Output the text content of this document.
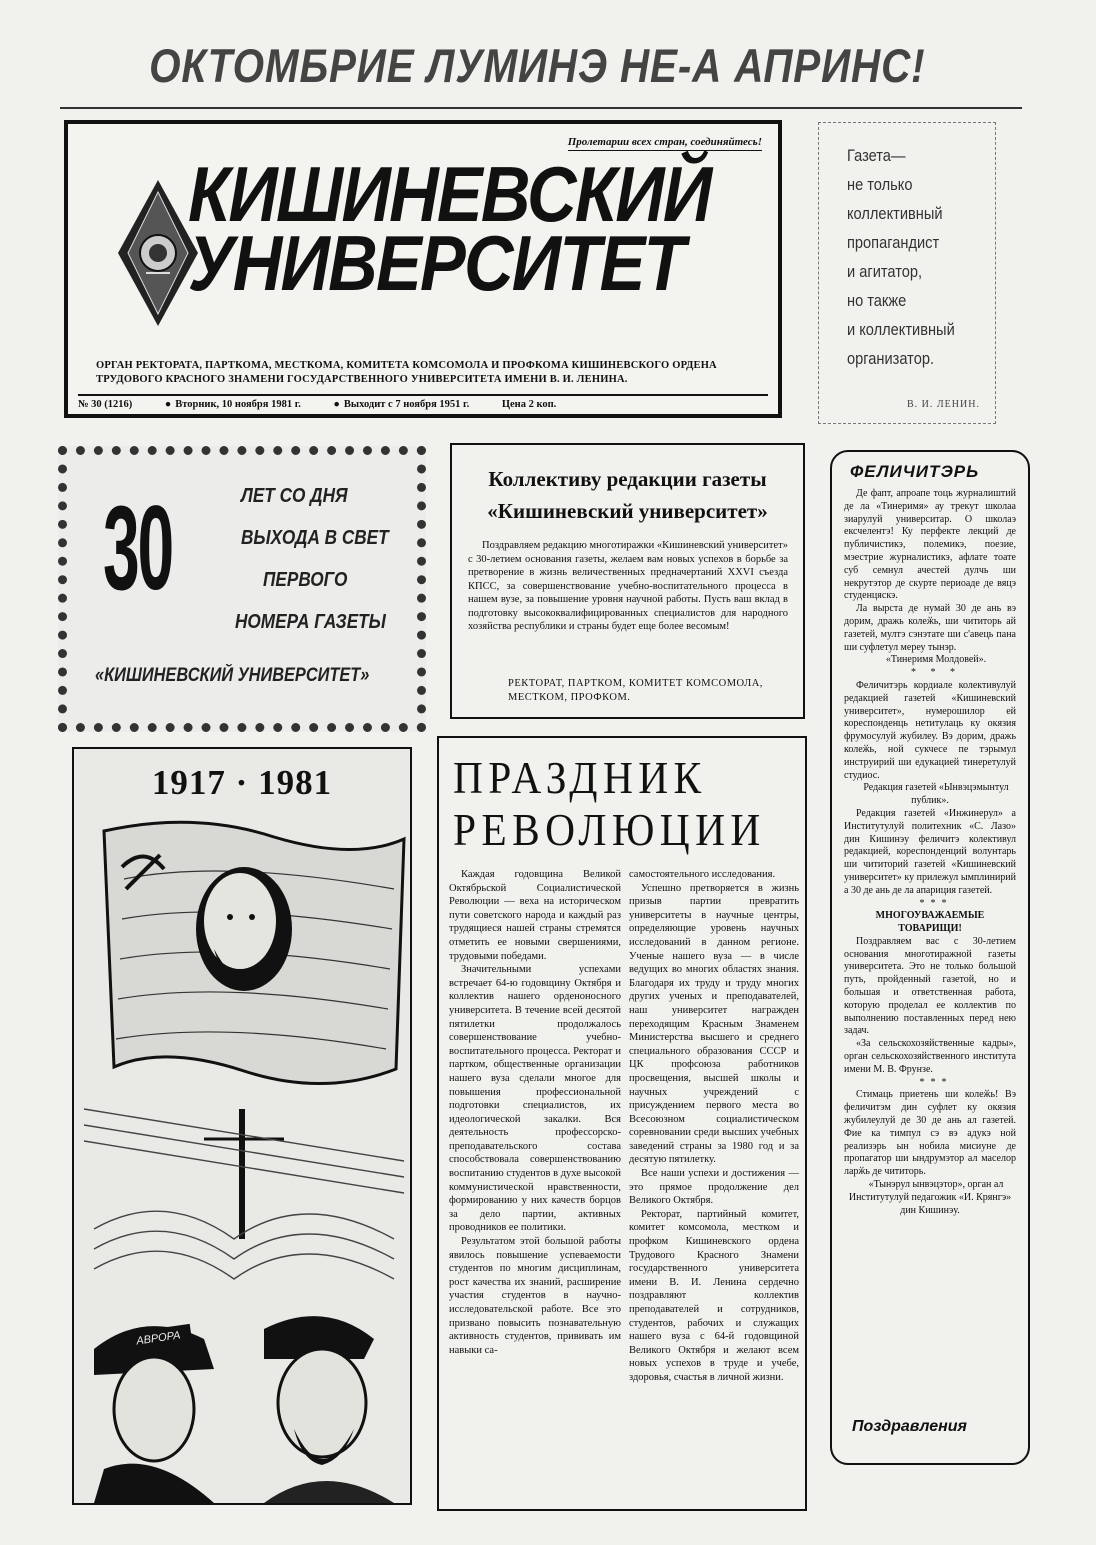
ОКТОМБРИЕ ЛУМИНЭ НЕ-А АПРИНС!
Пролетарии всех стран, соединяйтесь!
КИШИНЕВСКИЙ
УНИВЕРСИТЕТ
ОРГАН РЕКТОРАТА, ПАРТКОМА, МЕСТКОМА, КОМИТЕТА КОМСОМОЛА И ПРОФКОМА КИШИНЕВСКОГО ОРДЕНА ТРУДОВОГО КРАСНОГО ЗНАМЕНИ ГОСУДАРСТВЕННОГО УНИВЕРСИТЕТА ИМЕНИ В. И. ЛЕНИНА.
№ 30 (1216)	● Вторник, 10 ноября 1981 г.	● Выходит с 7 ноября 1951 г.	Цена 2 коп.
Газета—
не только
коллективный
пропагандист
и агитатор,
но также
и коллективный
организатор.
В. И. ЛЕНИН.
30	ЛЕТ СО ДНЯ
ВЫХОДА В СВЕТ
ПЕРВОГО
НОМЕРА ГАЗЕТЫ
«КИШИНЕВСКИЙ УНИВЕРСИТЕТ»
Коллективу редакции газеты
«Кишиневский университет»
Поздравляем редакцию многотиражки «Кишиневский университет» с 30-летием основания газеты, желаем вам новых успехов в борьбе за претворение в жизнь величественных предначертаний XXVI съезда КПСС, за совершенствование учебно-воспитательного процесса в нашем вузе, за повышение уровня научной работы. Пусть ваш вклад в подготовку высококвалифицированных специалистов для народного хозяйства республики и страны будет еще более весомым!
РЕКТОРАТ, ПАРТКОМ, КОМИТЕТ КОМСОМОЛА, МЕСТКОМ, ПРОФКОМ.
1917 · 1981
АВРОРА
ПРАЗДНИК
РЕВОЛЮЦИИ

Каждая годовщина Великой Октябрьской Социалистической Революции — веха на историческом пути советского народа и каждый раз трудящиеся нашей страны стремятся отметить ее новыми свершениями, трудовыми победами.

Значительными успехами встречает 64-ю годовщину Октября и коллектив нашего орденоносного университета. В течение всей десятой пятилетки продолжалось совершенствование учебно-воспитательного процесса. Ректорат и партком, общественные организации нашего вуза сделали многое для повышения профессиональной подготовки специалистов, их идеологической закалки. Вся деятельность профессорско-преподавательского состава способствовала совершенствованию воспитанию студентов в духе высокой коммунистической нравственности, формированию у них качеств борцов за дело партии, активных проводников ее политики.

Результатом этой большой работы явилось повышение успеваемости студентов по многим дисциплинам, рост качества их знаний, расширение участия студентов в научно-исследовательской работе. Все это призвано повысить познавательную активность студентов, прививать им навыки са-

самостоятельного исследования.

Успешно претворяется в жизнь призыв партии превратить университеты в научные центры, определяющие уровень научных исследований в данном регионе. Ученые нашего вуза — в числе ведущих во многих областях знания. Благодаря их труду и труду многих других ученых и преподавателей, наш университет награжден переходящим Красным Знаменем Министерства высшего и среднего специального образования СССР и ЦК профсоюза работников просвещения, высшей школы и научных учреждений с присуждением первого места во Всесоюзном социалистическом соревновании среди высших учебных заведений страны за 1980 год и за десятую пятилетку.

Все наши успехи и достижения — это прямое продолжение дел Великого Октября.

Ректорат, партийный комитет, комитет комсомола, местком и профком Кишиневского ордена Трудового Красного Знамени государственного университета имени В. И. Ленина сердечно поздравляют коллектив преподавателей и сотрудников, студентов, рабочих и служащих нашего вуза с 64-й годовщиной Великого Октября и желают всем новых успехов в труде и учебе, здоровья, счастья в личной жизни.

ФЕЛИЧИТЭРЬ

Де фапт, апроапе тоць журналиштий де ла «Тинеримя» ау трекут школаа зиарулуй университар. О школаэ ексчелентэ! Ку перфекте лекций де публичистикэ, полемикэ, поезие, мэестрие журналистикэ, афлате тоате суб семнул ачестей дулчь ши некрутэтор де скурте периоаде де вяцэ студенцяскэ.

Ла вырста де нумай 30 де ань вэ дорим, дражь колеӂь, ши чититорь ай газетей, мултэ сэнэтате ши с'авець пана ши суфлетул мереу тынэр.

«Тинеримя Молдовей».

* * *

Феличитэрь кордиале колективулуй редакцией газетей «Кишиневский университет», нумерошилор ей кореспонденць нетитулаць ку окязия фрумосулуй жубилеу. Вэ дорим, дражь колеӂь, ной сукчесе пе тэрымул инструирий ши едукацией тинеретулуй студиос.

Редакция газетей «Ынвэцэмынтул публик».

Редакция газетей «Инжинерул» а Институтулуй политехник «С. Лазо» дин Кишинэу феличитэ колективул редакцией, кореспонденций волунтарь ши чититорий газетей «Кишиневский университет» ку прилежул ымплинирий а 30 де ань де ла апариция газетей.

***

МНОГОУВАЖАЕМЫЕ ТОВАРИЩИ!

Поздравляем вас с 30-летием основания многотиражной газеты университета. Это не только большой путь, пройденный газетой, но и большая и ответственная работа, которую проделал ее коллектив по выполнению поставленных перед нею задач.

«За сельскохозяйственные кадры», орган сельскохозяйственного института имени М. В. Фрунзе.

***

Стимаць приетень ши колеӂь! Вэ феличитэм дин суфлет ку окязия жубилеулуй де 30 де ань ал газетей. Фие ка тимпул сэ вэ адукэ ной реализэрь ын нобила мисиуне де пропагатор ши ындрумэтор ал мaселор ларӂь де чититорь.

«Тынэрул ынвэцэтор», орган ал Институтулуй педагожик «И. Крянгэ» дин Кишинэу.

Поздравления
